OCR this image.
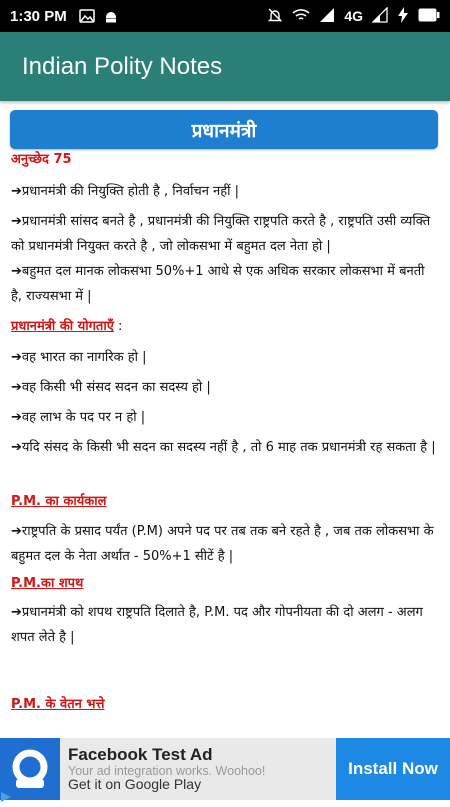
1:30 PM	4G
Indian Polity Notes
प्रधानमंत्री
अनुच्छेद 75
➔प्रधानमंत्री की नियुक्ति होती है , निर्वाचन नहीं |
➔प्रधानमंत्री सांसद बनते है , प्रधानमंत्री की नियुक्ति राष्ट्रपति करते है , राष्ट्रपति उसी व्यक्ति को प्रधानमंत्री नियुक्त करते है , जो लोकसभा में बहुमत दल नेता हो |
➔बहुमत दल मानक लोकसभा 50%+1 आधे से एक अधिक सरकार लोकसभा में बनती है, राज्यसभा में |
प्रधानमंत्री की योगताएँ :
➔वह भारत का नागरिक हो |
➔वह किसी भी संसद सदन का सदस्य हो |
➔वह लाभ के पद पर न हो |
➔यदि संसद के किसी भी सदन का सदस्य नहीं है , तो 6 माह तक प्रधानमंत्री रह सकता है |
P.M. का कार्यकाल
➔राष्ट्रपति के प्रसाद पर्यंत (P.M) अपने पद पर तब तक बने रहते है , जब तक लोकसभा के बहुमत दल के नेता अर्थात - 50%+1 सीटें है |
P.M.का शपथ
➔प्रधानमंत्री को शपथ राष्ट्रपति दिलाते है, P.M. पद और गोपनीयता की दो अलग - अलग शपत लेते है |
P.M. के वेतन भत्ते
Facebook Test Ad
Your ad integration works. Woohoo!
Get it on Google Play
Install Now
